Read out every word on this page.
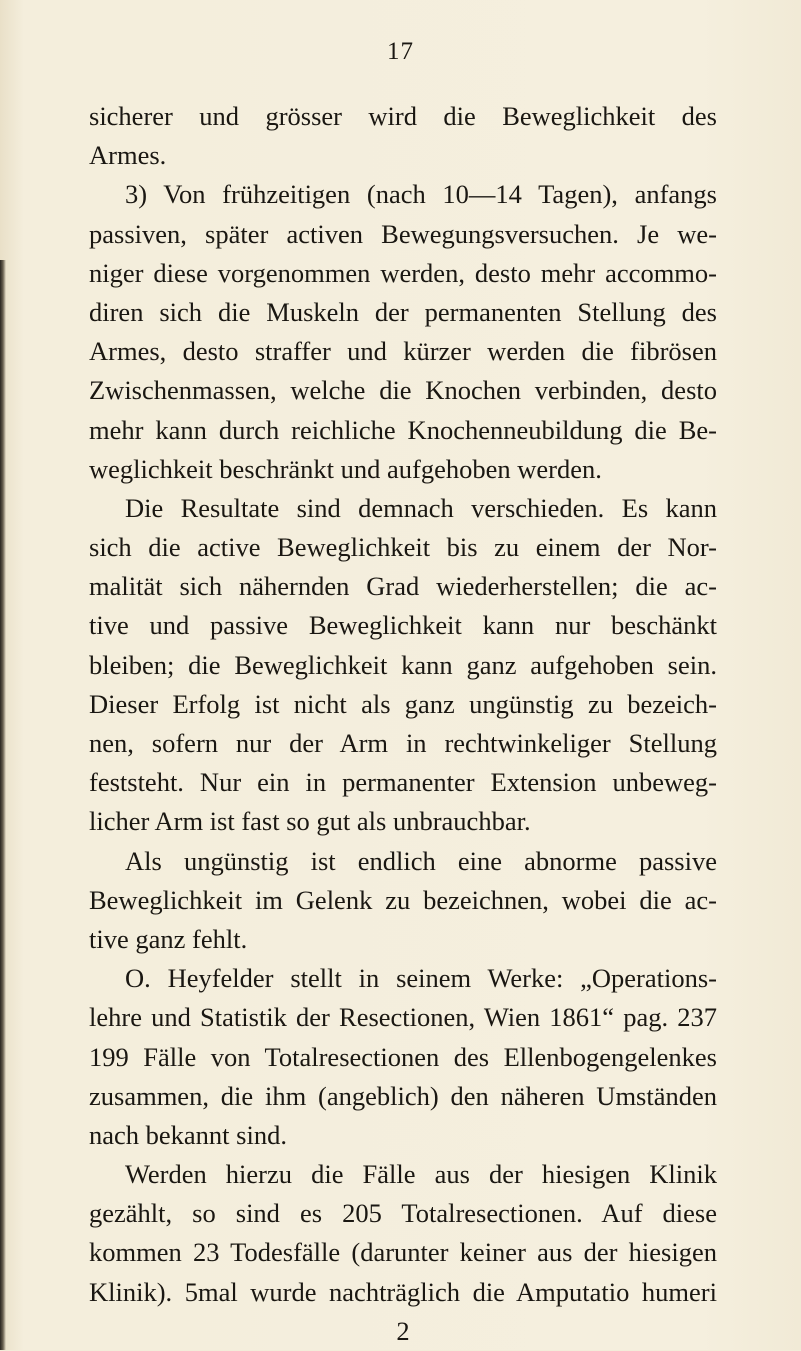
17
sicherer und grösser wird die Beweglichkeit des
Armes.
3) Von frühzeitigen (nach 10—14 Tagen), anfangs
passiven, später activen Bewegungsversuchen. Je we-
niger diese vorgenommen werden, desto mehr accommo-
diren sich die Muskeln der permanenten Stellung des
Armes, desto straffer und kürzer werden die fibrösen
Zwischenmassen, welche die Knochen verbinden, desto
mehr kann durch reichliche Knochenneubildung die Be-
weglichkeit beschränkt und aufgehoben werden.
Die Resultate sind demnach verschieden. Es kann
sich die active Beweglichkeit bis zu einem der Nor-
malität sich nähernden Grad wiederherstellen; die ac-
tive und passive Beweglichkeit kann nur beschänkt
bleiben; die Beweglichkeit kann ganz aufgehoben sein.
Dieser Erfolg ist nicht als ganz ungünstig zu bezeich-
nen, sofern nur der Arm in rechtwinkeliger Stellung
feststeht. Nur ein in permanenter Extension unbeweg-
licher Arm ist fast so gut als unbrauchbar.
Als ungünstig ist endlich eine abnorme passive
Beweglichkeit im Gelenk zu bezeichnen, wobei die ac-
tive ganz fehlt.
O. Heyfelder stellt in seinem Werke: „Operations-
lehre und Statistik der Resectionen, Wien 1861“ pag. 237
199 Fälle von Totalresectionen des Ellenbogengelenkes
zusammen, die ihm (angeblich) den näheren Umständen
nach bekannt sind.
Werden hierzu die Fälle aus der hiesigen Klinik
gezählt, so sind es 205 Totalresectionen. Auf diese
kommen 23 Todesfälle (darunter keiner aus der hiesigen
Klinik). 5mal wurde nachträglich die Amputatio humeri
2
